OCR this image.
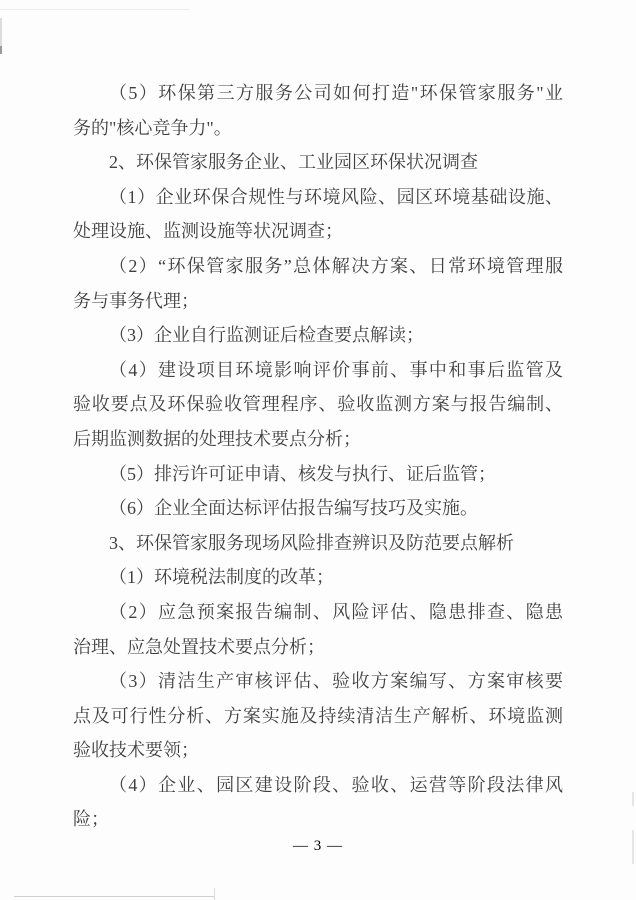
（5）环保第三方服务公司如何打造"环保管家服务"业
务的"核心竞争力"。
2、环保管家服务企业、工业园区环保状况调查
（1）企业环保合规性与环境风险、园区环境基础设施、
处理设施、监测设施等状况调查；
（2）“环保管家服务”总体解决方案、日常环境管理服
务与事务代理；
（3）企业自行监测证后检查要点解读；
（4）建设项目环境影响评价事前、事中和事后监管及
验收要点及环保验收管理程序、验收监测方案与报告编制、
后期监测数据的处理技术要点分析；
（5）排污许可证申请、核发与执行、证后监管；
（6）企业全面达标评估报告编写技巧及实施。
3、环保管家服务现场风险排查辨识及防范要点解析
（1）环境税法制度的改革；
（2）应急预案报告编制、风险评估、隐患排查、隐患
治理、应急处置技术要点分析；
（3）清洁生产审核评估、验收方案编写、方案审核要
点及可行性分析、方案实施及持续清洁生产解析、环境监测
验收技术要领；
（4）企业、园区建设阶段、验收、运营等阶段法律风
险；
— 3 —
